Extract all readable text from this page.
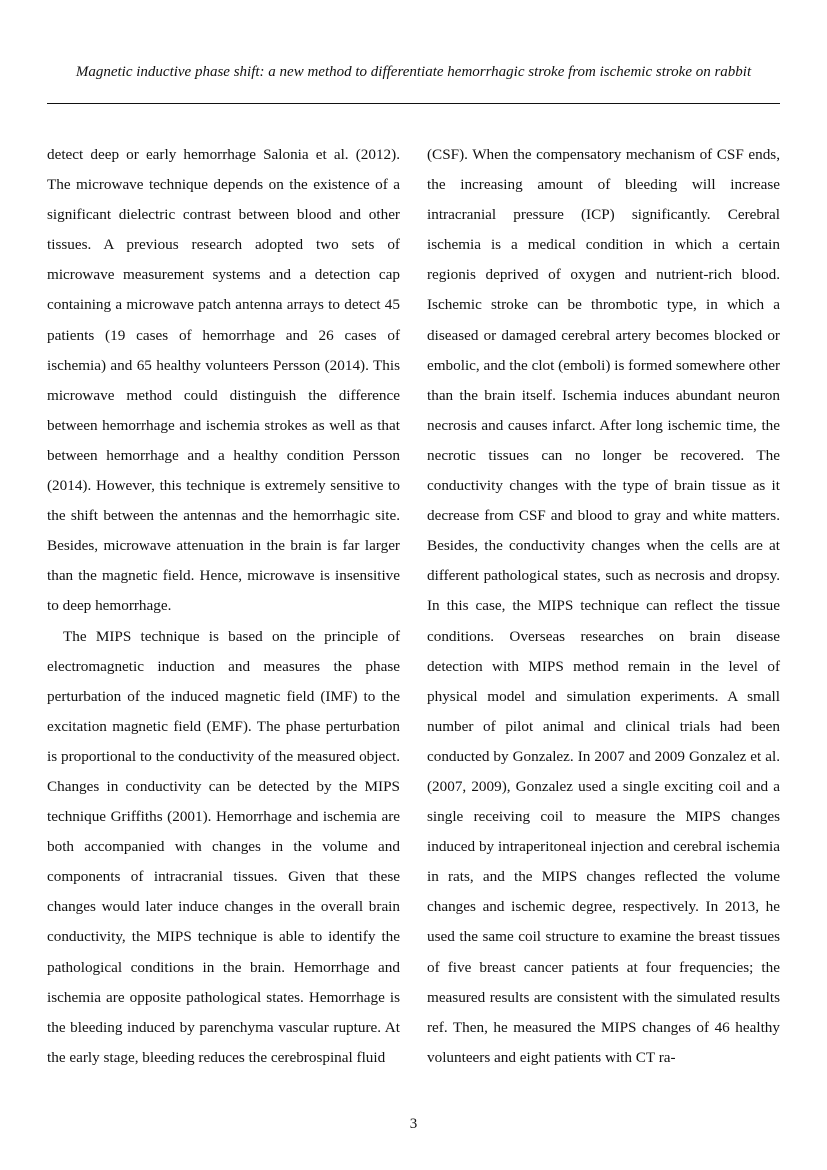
Magnetic inductive phase shift: a new method to differentiate hemorrhagic stroke from ischemic stroke on rabbit

detect deep or early hemorrhage Salonia et al. (2012). The microwave technique depends on the existence of a significant dielectric contrast between blood and other tissues. A previous research adopted two sets of microwave measurement systems and a detection cap containing a microwave patch antenna arrays to detect 45 patients (19 cases of hemorrhage and 26 cases of ischemia) and 65 healthy volunteers Persson (2014). This microwave method could distinguish the difference between hemorrhage and ischemia strokes as well as that between hemorrhage and a healthy condition Persson (2014). However, this technique is extremely sensitive to the shift between the antennas and the hemorrhagic site. Besides, microwave attenuation in the brain is far larger than the magnetic field. Hence, microwave is insensitive to deep hemorrhage.

The MIPS technique is based on the principle of electromagnetic induction and measures the phase perturbation of the induced magnetic field (IMF) to the excitation magnetic field (EMF). The phase perturbation is proportional to the conductivity of the measured object. Changes in conductivity can be detected by the MIPS technique Griffiths (2001). Hemorrhage and ischemia are both accompanied with changes in the volume and components of intracranial tissues. Given that these changes would later induce changes in the overall brain conductivity, the MIPS technique is able to identify the pathological conditions in the brain. Hemorrhage and ischemia are opposite pathological states. Hemorrhage is the bleeding induced by parenchyma vascular rupture. At the early stage, bleeding reduces the cerebrospinal fluid

(CSF). When the compensatory mechanism of CSF ends, the increasing amount of bleeding will increase intracranial pressure (ICP) significantly. Cerebral ischemia is a medical condition in which a certain regionis deprived of oxygen and nutrient-rich blood. Ischemic stroke can be thrombotic type, in which a diseased or damaged cerebral artery becomes blocked or embolic, and the clot (emboli) is formed somewhere other than the brain itself. Ischemia induces abundant neuron necrosis and causes infarct. After long ischemic time, the necrotic tissues can no longer be recovered. The conductivity changes with the type of brain tissue as it decrease from CSF and blood to gray and white matters. Besides, the conductivity changes when the cells are at different pathological states, such as necrosis and dropsy. In this case, the MIPS technique can reflect the tissue conditions. Overseas researches on brain disease detection with MIPS method remain in the level of physical model and simulation experiments. A small number of pilot animal and clinical trials had been conducted by Gonzalez. In 2007 and 2009 Gonzalez et al. (2007, 2009), Gonzalez used a single exciting coil and a single receiving coil to measure the MIPS changes induced by intraperitoneal injection and cerebral ischemia in rats, and the MIPS changes reflected the volume changes and ischemic degree, respectively. In 2013, he used the same coil structure to examine the breast tissues of five breast cancer patients at four frequencies; the measured results are consistent with the simulated results ref. Then, he measured the MIPS changes of 46 healthy volunteers and eight patients with CT ra-

3
